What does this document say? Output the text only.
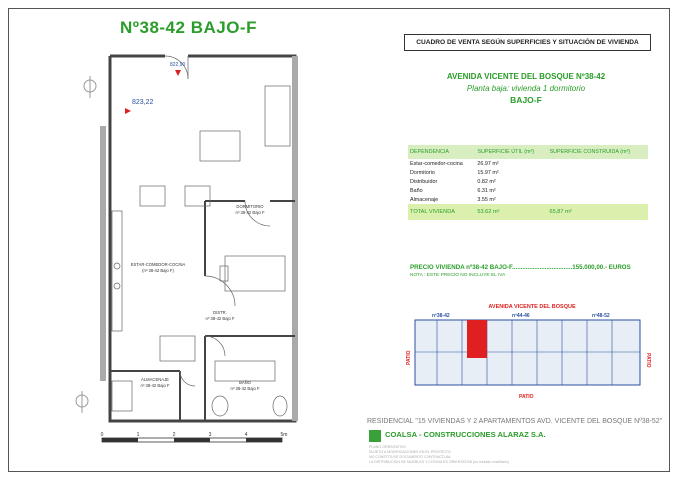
Nº38-42 BAJO-F
822,90
823,22
DORMITORIO
nº 38-42 Bajo F
ESTAR-COMEDOR-COCINA
(nº 38-42 Bajo F)
DISTR.
nº 38-42 Bajo F
ALMACENAJE
nº 38-42 Bajo F
BAÑO
nº 38-42 Bajo F
0	1	2	3	4	5m
CUADRO DE VENTA SEGÚN SUPERFICIES Y SITUACIÓN DE VIVIENDA
AVENIDA VICENTE DEL BOSQUE Nº38-42
Planta baja: vivienda 1 dormitorio
BAJO-F
DEPENDENCIA	SUPERFICIE ÚTIL (m²)	SUPERFICIE CONSTRUIDA (m²)
Estar-comedor-cocina	26.97 m²	
Dormitorio	15.97 m²	
Distribuidor	0.82 m²	
Baño	6.31 m²	
Almacenaje	3.55 m²	
TOTAL VIVIENDA	53.62 m²	65,87 m²
PRECIO VIVIENDA nº38-42 BAJO-F...................................155.000,00.- EUROS
NOTA : ESTE PRECIO NO INCLUYE EL IVA
AVENIDA VICENTE DEL BOSQUE
nº38-42	nº44-46	nº48-52
PATIO	PATIO
PATIO
RESIDENCIAL "15 VIVIENDAS Y 2 APARTAMENTOS AVD. VICENTE DEL BOSQUE Nº38-52"
COALSA - CONSTRUCCIONES ALARAZ S.A.
PLANO ORIENTATIVO
SUJETO A MODIFICACIONES EN EL PROYECTO
NO CONSTITUYE DOCUMENTO CONTRACTUAL
LA DISTRIBUCIÓN DE MUEBLES Y COCINA ES ORIENTATIVA (no incluido mobiliario)
